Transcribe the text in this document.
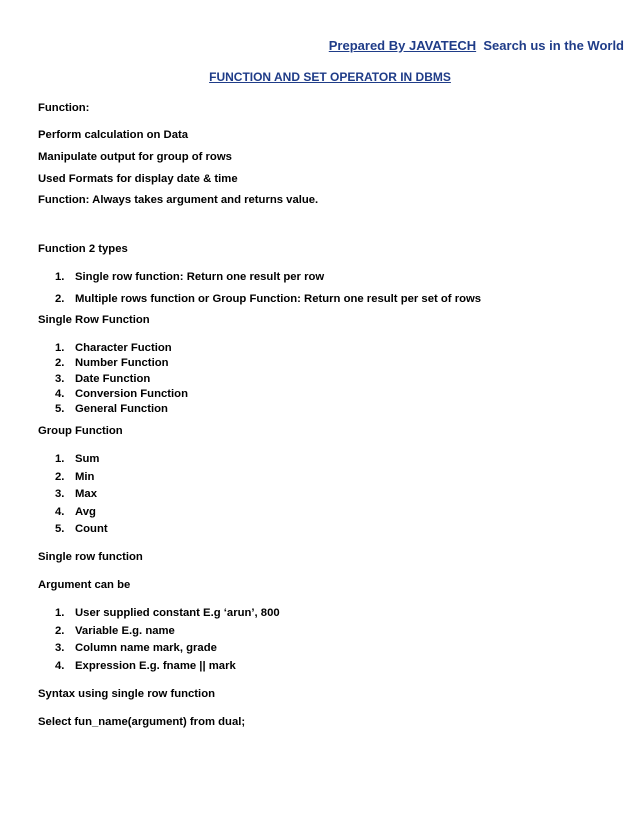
Prepared By JAVATECH Search us in the World
FUNCTION AND SET OPERATOR IN DBMS
Function:
Perform calculation on Data
Manipulate output for group of rows
Used Formats for display date & time
Function: Always takes argument and returns value.
Function 2 types
1. Single row function: Return one result per row
2. Multiple rows function or Group Function: Return one result per set of rows
Single Row Function
1. Character Fuction
2. Number Function
3. Date Function
4. Conversion Function
5. General Function
Group Function
1. Sum
2. Min
3. Max
4. Avg
5. Count
Single row function
Argument can be
1. User supplied constant E.g ‘arun’, 800
2. Variable E.g. name
3. Column name mark, grade
4. Expression E.g. fname || mark
Syntax using single row function
Select fun_name(argument) from dual;
